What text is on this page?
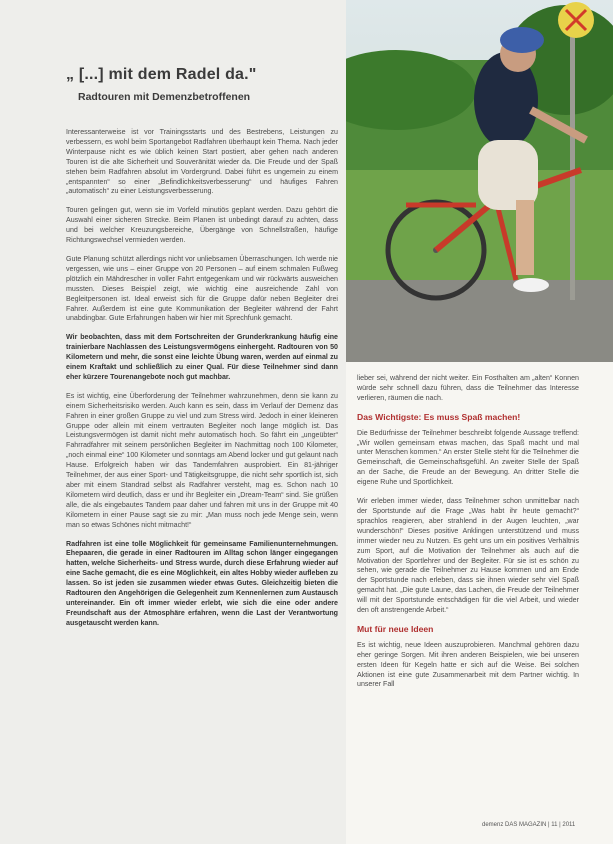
„ [...] mit dem Radel da."
Radtouren mit Demenzbetroffenen

Interessanterweise ist vor Trainingsstarts und des Bestrebens, Leistungen zu verbessern, es wohl beim Sportangebot Radfahren überhaupt kein Thema. Nach jeder Winterpause nicht es wie üblich keinen Start postiert, aber gehen nach anderen Touren ist die alte Sicherheit und Souveränität wieder da. Die Freude und der Spaß stehen beim Radfahren absolut im Vordergrund. Dabei führt es ungemein zu einem „entspannten“ so einer „Befindlichkeitsverbesserung“ und häufiges Fahren „automatisch“ zu einer Leistungsverbesserung.

Touren gelingen gut, wenn sie im Vorfeld minutiös geplant werden. Dazu gehört die Auswahl einer sicheren Strecke. Beim Planen ist unbedingt darauf zu achten, dass und bei welcher Kreuzungsbereiche, Übergänge von Schnellstraßen, häufige Richtungswechsel vermieden werden.

Gute Planung schützt allerdings nicht vor unliebsamen Überraschungen. Ich werde nie vergessen, wie uns – einer Gruppe von 20 Personen – auf einem schmalen Fußweg plötzlich ein Mähdrescher in voller Fahrt entgegenkam und wir rückwärts ausweichen mussten. Dieses Beispiel zeigt, wie wichtig eine ausreichende Zahl von Begleitpersonen ist. Ideal erweist sich für die Gruppe dafür neben Begleiter drei Fahrer. Außerdem ist eine gute Kommunikation der Begleiter während der Fahrt unabdingbar. Gute Erfahrungen haben wir hier mit Sprechfunk gemacht.

Wir beobachten, dass mit dem Fortschreiten der Grunderkrankung häufig eine trainierbare Nachlassen des Leistungsvermögens einhergeht. Radtouren von 50 Kilometern und mehr, die sonst eine leichte Übung waren, werden auf einmal zu einem Kraftakt und schließlich zu einer Qual. Für diese Teilnehmer sind dann eher kürzere Tourenangebote noch gut machbar.

Es ist wichtig, eine Überforderung der Teilnehmer wahrzunehmen, denn sie kann zu einem Sicherheitsrisiko werden. Auch kann es sein, dass im Verlauf der Demenz das Fahren in einer großen Gruppe zu viel und zum Stress wird. Jedoch in einer kleineren Gruppe oder allein mit einem vertrauten Begleiter noch lange möglich ist. Das Leistungsvermögen ist damit nicht mehr automatisch hoch. So fährt ein „ungeübter“ Fahrradfahrer mit seinem persönlichen Begleiter im Nachmittag noch 100 Kilometer, „noch einmal eine“ 100 Kilometer und sonntags am Abend locker und gut gelaunt nach Hause. Erfolgreich haben wir das Tandemfahren ausprobiert. Ein 81-jähriger Teilnehmer, der aus einer Sport- und Tätigkeitsgruppe, die nicht sehr sportlich ist, sich aber mit einem Standrad selbst als Radfahrer versteht, mag es. Schon nach 10 Kilometern wird deutlich, dass er und ihr Begleiter ein „Dream-Team“ sind. Sie grüßen alle, die als eingebautes Tandem paar daher und fahren mit uns in der Gruppe mit 40 Kilometern in einer Pause sagt sie zu mir: „Man muss noch jede Menge sein, wenn man so etwas Schönes nicht mitmacht!“

Radfahren ist eine tolle Möglichkeit für gemeinsame Familienunternehmungen. Ehepaaren, die gerade in einer Radtouren im Alltag schon länger eingegangen hatten, welche Sicherheits- und Stress wurde, durch diese Erfahrung wieder auf eine Sache gemacht, die es eine Möglichkeit, ein altes Hobby wieder aufleben zu lassen. So ist jeden sie zusammen wieder etwas Gutes. Gleichzeitig bieten die Radtouren den Angehörigen die Gelegenheit zum Kennenlernen zum Austausch untereinander. Ein oft immer wieder erlebt, wie sich die eine oder andere Freundschaft aus der Atmosphäre erfahren, wenn die Last der Verantwortung ausgetauscht werden kann.

lieber sei, während der nicht weiter. Ein Fosthalten am „alten“ Konnen würde sehr schnell dazu führen, dass die Teilnehmer das Interesse verlieren, räumen die nach.

Das Wichtigste: Es muss Spaß machen!

Die Bedürfnisse der Teilnehmer beschreibt folgende Aussage treffend: „Wir wollen gemeinsam etwas machen, das Spaß macht und mal unter Menschen kommen.“ An erster Stelle steht für die Teilnehmer die Gemeinschaft, die Gemeinschaftsgefühl. An zweiter Stelle der Spaß an der Sache, die Freude an der Bewegung. An dritter Stelle die eigene Ruhe und Sportlichkeit.

Wir erleben immer wieder, dass Teilnehmer schon unmittelbar nach der Sportstunde auf die Frage „Was habt ihr heute gemacht?“ sprachlos reagieren, aber strahlend in der Augen leuchten, „war wunderschön!“ Dieses positive Anklingen unterstützend und muss immer wieder neu zu Nutzen. Es geht uns um ein positives Verhältnis zum Sport, auf die Motivation der Teilnehmer als auch auf die Motivation der Sportlehrer und der Begleiter. Für sie ist es schön zu sehen, wie gerade die Teilnehmer zu Hause kommen und am Ende der Sportstunde nach erleben, dass sie ihnen wieder sehr viel Spaß gemacht hat. „Die gute Laune, das Lachen, die Freude der Teilnehmer will mit der Sportstunde entschädigen für die viel Arbeit, und wieder den oft anstrengende Arbeit.“

Mut für neue Ideen

Es ist wichtig, neue Ideen auszuprobieren. Manchmal gehören dazu eher geringe Sorgen. Mit ihren anderen Beispielen, wie bei unseren ersten Ideen für Kegeln hatte er sich auf die Weise. Bei solchen Aktionen ist eine gute Zusammenarbeit mit dem Partner wichtig. In unserer Fall

demenz DAS MAGAZIN | 11 | 2011
